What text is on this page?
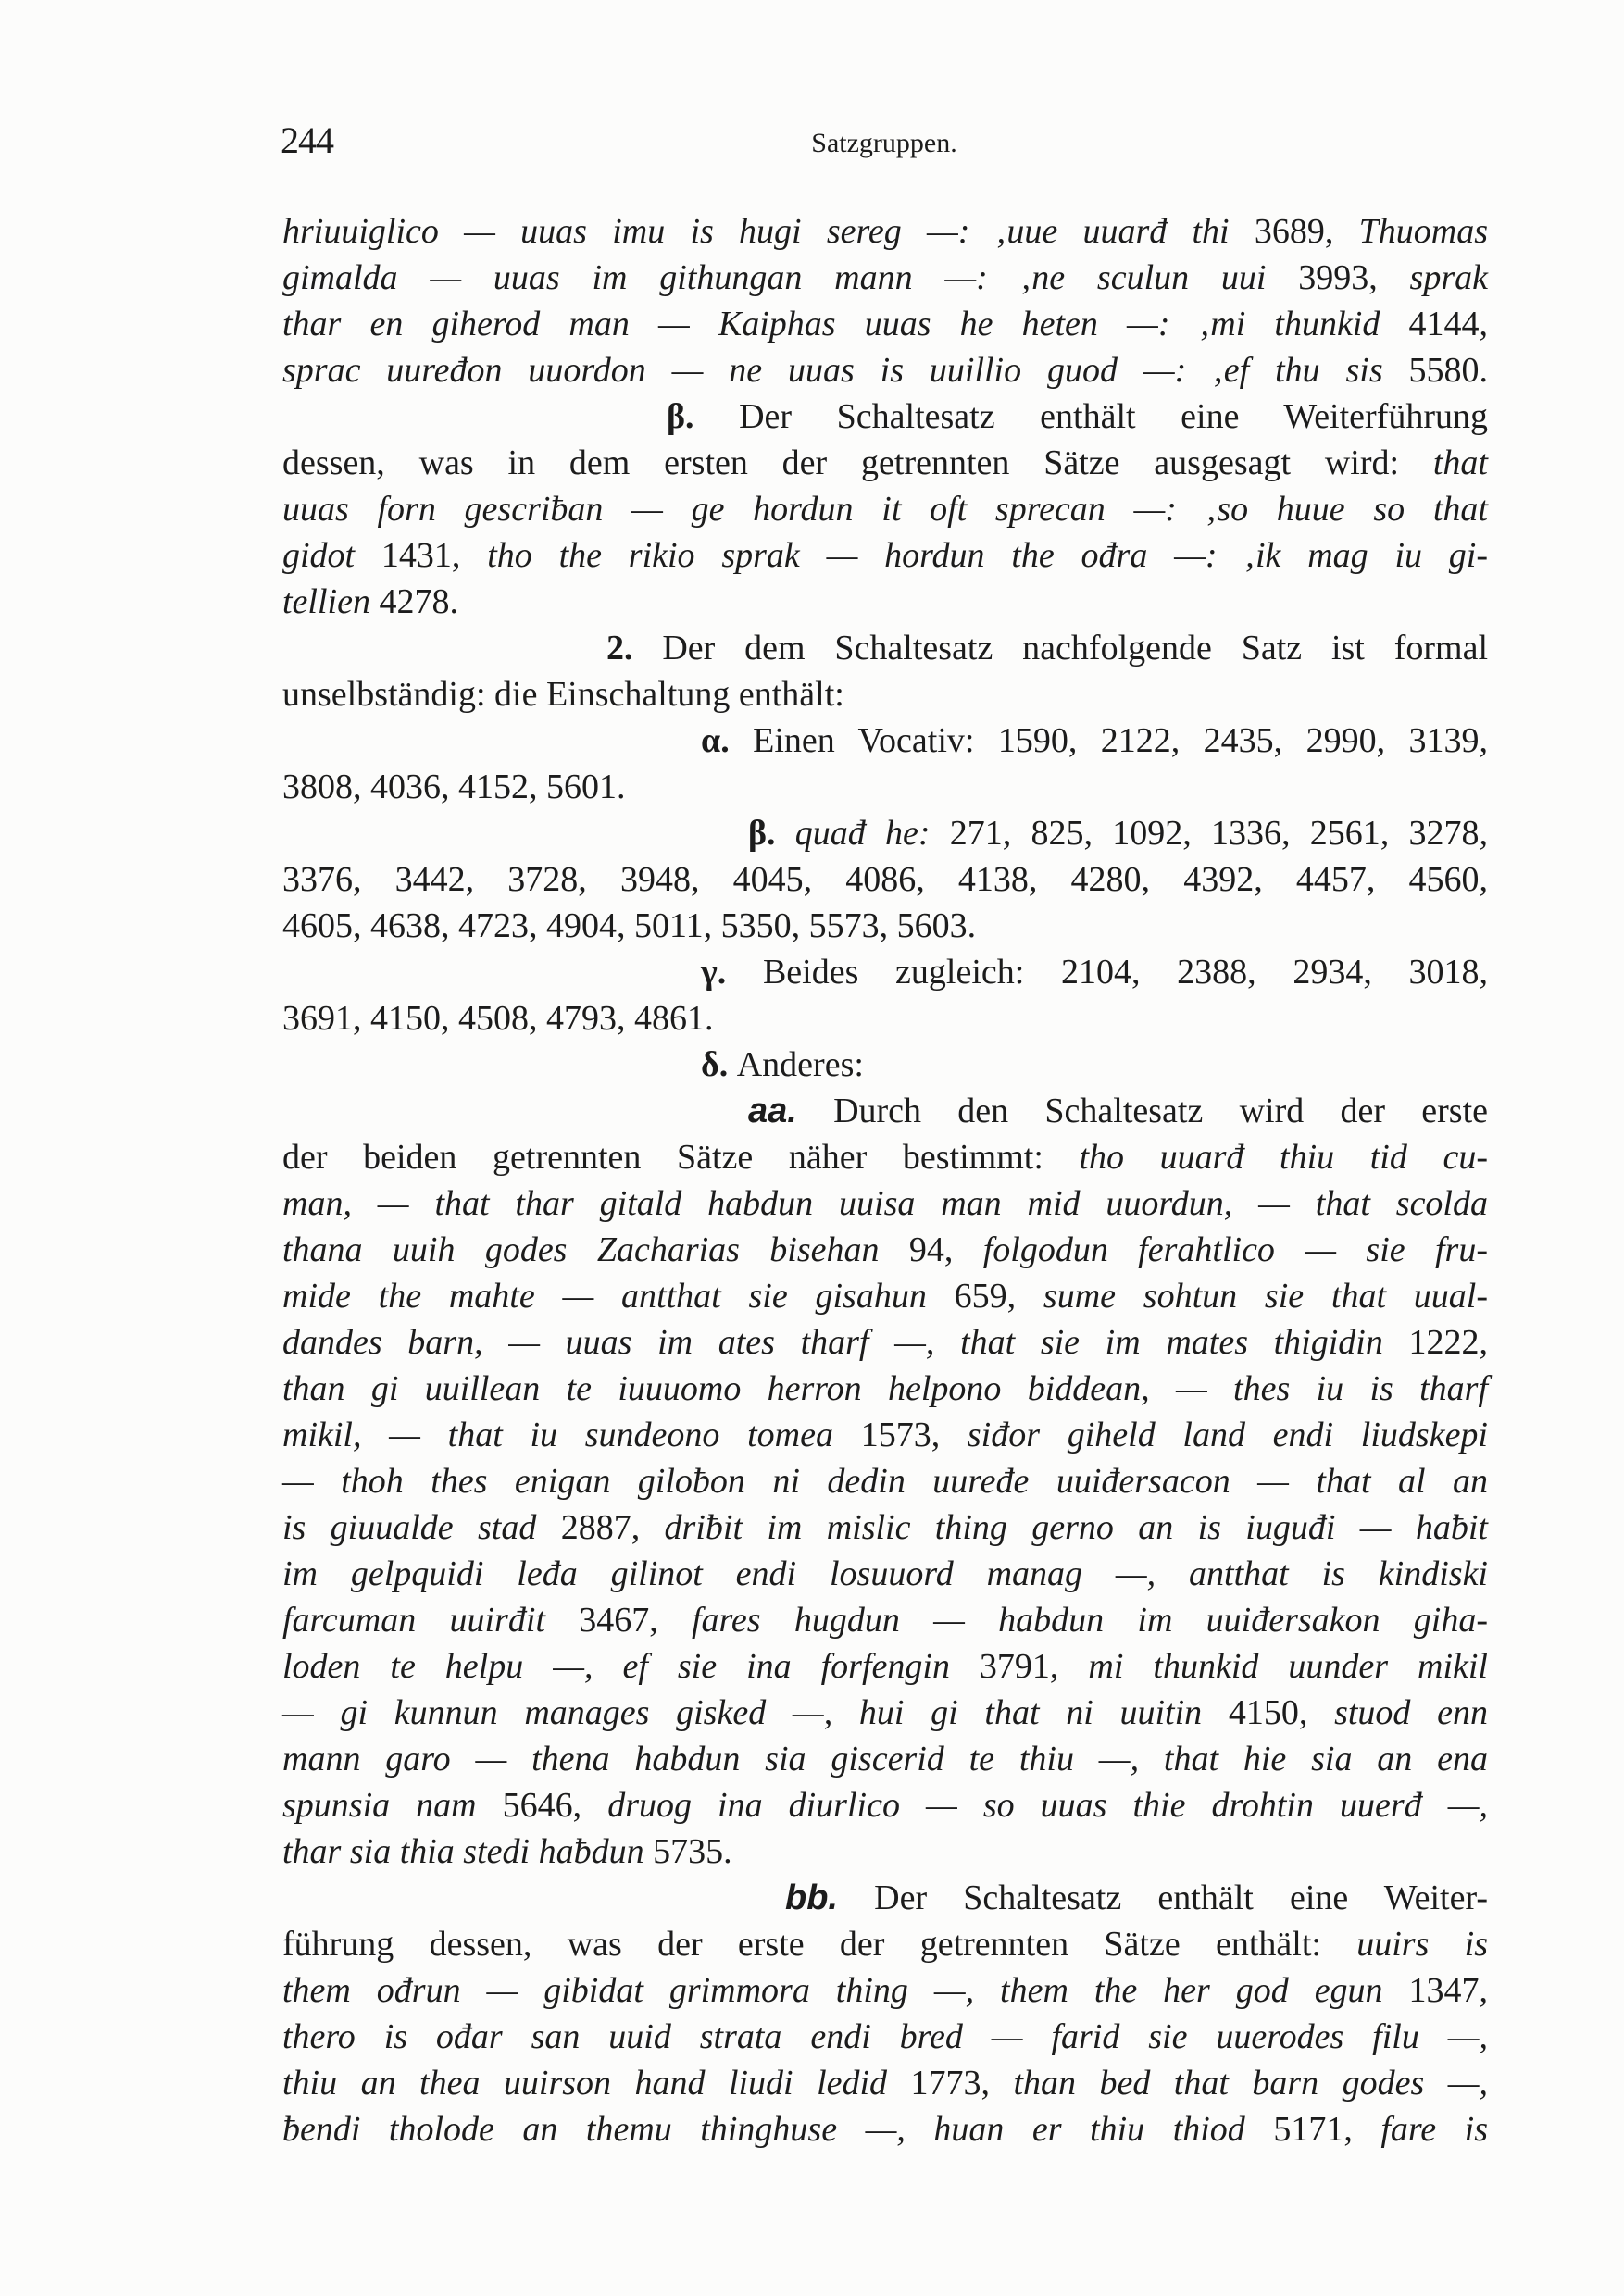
244	Satzgruppen.
hriuuiglico — uuas imu is hugi sereg —: ‚uue uuarđ thi 3689, Thuomas
gimalda — uuas im githungan mann —: ‚ne sculun uui 3993, sprak
thar en giherod man — Kaiphas uuas he heten —: ‚mi thunkid 4144,
sprac uuređon uuordon — ne uuas is uuillio guod —: ‚ef thu sis 5580.
β. Der Schaltesatz enthält eine Weiterführung
dessen, was in dem ersten der getrennten Sätze ausgesagt wird: that
uuas forn gescriƀan — ge hordun it oft sprecan —: ‚so huue so that
gidot 1431, tho the rikio sprak — hordun the ođra —: ‚ik mag iu gi-
tellien 4278.
2. Der dem Schaltesatz nachfolgende Satz ist formal
unselbständig: die Einschaltung enthält:
α. Einen Vocativ: 1590, 2122, 2435, 2990, 3139,
3808, 4036, 4152, 5601.
β. quađ he: 271, 825, 1092, 1336, 2561, 3278,
3376, 3442, 3728, 3948, 4045, 4086, 4138, 4280, 4392, 4457, 4560,
4605, 4638, 4723, 4904, 5011, 5350, 5573, 5603.
γ. Beides zugleich: 2104, 2388, 2934, 3018,
3691, 4150, 4508, 4793, 4861.
δ. Anderes:
aa. Durch den Schaltesatz wird der erste
der beiden getrennten Sätze näher bestimmt: tho uuarđ thiu tid cu-
man, — that thar gitald habdun uuisa man mid uuordun, — that scolda
thana uuih godes Zacharias bisehan 94, folgodun ferahtlico — sie fru-
mide the mahte — antthat sie gisahun 659, sume sohtun sie that uual-
dandes barn, — uuas im ates tharf —, that sie im mates thigidin 1222,
than gi uuillean te iuuuomo herron helpono biddean, — thes iu is tharf
mikil, — that iu sundeono tomea 1573, siđor giheld land endi liudskepi
— thoh thes enigan giloƀon ni dedin uuređe uuiđersacon — that al an
is giuualde stad 2887, driƀit im mislic thing gerno an is iuguđi — haƀit
im gelpquidi leđa gilinot endi losuuord manag —, antthat is kindiski
farcuman uuirđit 3467, fares hugdun — habdun im uuiđersakon giha-
loden te helpu —, ef sie ina forfengin 3791, mi thunkid uunder mikil
— gi kunnun manages gisked —, hui gi that ni uuitin 4150, stuod enn
mann garo — thena habdun sia giscerid te thiu —, that hie sia an ena
spunsia nam 5646, druog ina diurlico — so uuas thie drohtin uuerđ —,
thar sia thia stedi haƀdun 5735.
bb. Der Schaltesatz enthält eine Weiter-
führung dessen, was der erste der getrennten Sätze enthält: uuirs is
them ođrun — gibidat grimmora thing —, them the her god egun 1347,
thero is ođar san uuid strata endi bred — farid sie uuerodes filu —,
thiu an thea uuirson hand liudi ledid 1773, than bed that barn godes —,
ƀendi tholode an themu thinghuse —, huan er thiu thiod 5171, fare is
